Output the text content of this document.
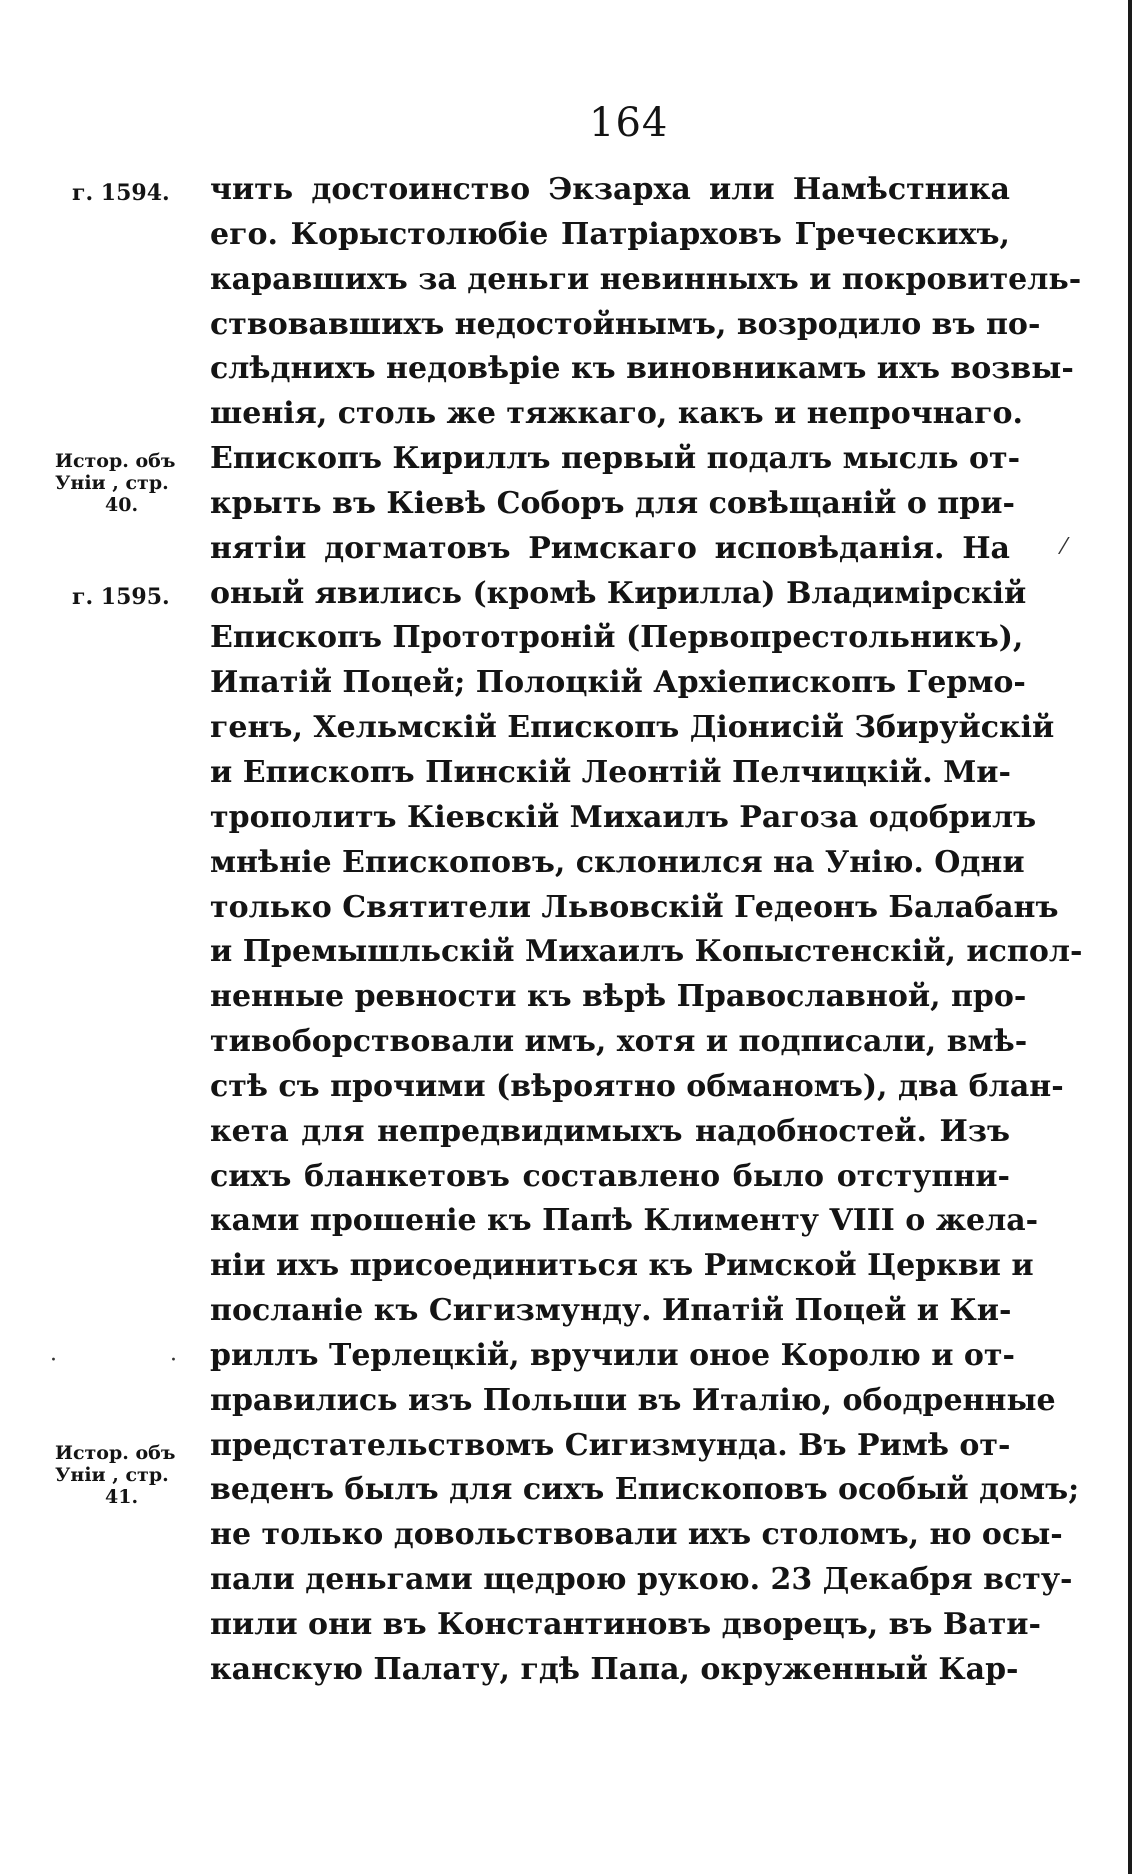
164
г. 1594.
г. 1595.
Истор. объ
Уніи , стр.
40.
Истор. объ
Уніи , стр.
41.
чить достоинство Экзарха или Намѣстника
его. Корыстолюбіе Патріарховъ Греческихъ,
каравшихъ за деньги невинныхъ и покровитель-
ствовавшихъ недостойнымъ, возродило въ по-
слѣднихъ недовѣріе къ виновникамъ ихъ возвы-
шенія, столь же тяжкаго, какъ и непрочнаго.
Епископъ Кириллъ первый подалъ мысль от-
крыть въ Кіевѣ Соборъ для совѣщаній о при-
нятіи догматовъ Римскаго исповѣданія. На
оный явились (кромѣ Кирилла) Владимірскій
Епископъ Прототроній (Первопрестольникъ),
Ипатій Поцей; Полоцкій Архіепископъ Гермо-
генъ, Хельмскій Епископъ Діонисій Збируйскій
и Епископъ Пинскій Леонтій Пелчицкій. Ми-
трополитъ Кіевскій Михаилъ Рагоза одобрилъ
мнѣніе Епископовъ, склонился на Унію. Одни
только Святители Львовскій Гедеонъ Балабанъ
и Премышльскій Михаилъ Копыстенскій, испол-
ненные ревности къ вѣрѣ Православной, про-
тивоборствовали имъ, хотя и подписали, вмѣ-
стѣ съ прочими (вѣроятно обманомъ), два блан-
кета для непредвидимыхъ надобностей. Изъ
сихъ бланкетовъ составлено было отступни-
ками прошеніе къ Папѣ Клименту VIII о жела-
ніи ихъ присоединиться къ Римской Церкви и
посланіе къ Сигизмунду. Ипатій Поцей и Ки-
риллъ Терлецкій, вручили оное Королю и от-
правились изъ Польши въ Италію, ободренные
предстательствомъ Сигизмунда. Въ Римѣ от-
веденъ былъ для сихъ Епископовъ особый домъ;
не только довольствовали ихъ столомъ, но осы-
пали деньгами щедрою рукою. 23 Декабря всту-
пили они въ Константиновъ дворецъ, въ Вати-
канскую Палату, гдѣ Папа, окруженный Кар-
⁄
·	·
